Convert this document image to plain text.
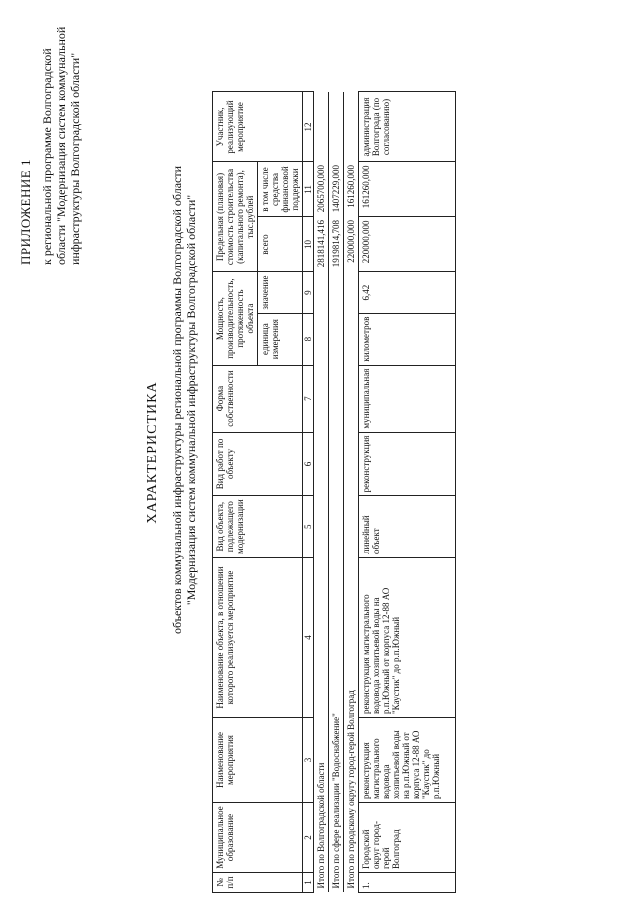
ПРИЛОЖЕНИЕ 1 к региональной программе Волгоградской области "Модернизация систем коммунальной инфраструктуры Волгоградской области"
ХАРАКТЕРИСТИКА объектов коммунальной инфраструктуры региональной программы Волгоградской области "Модернизация систем коммунальной инфраструктуры Волгоградской области"
№ п/п	Муниципальное образование	Наименование мероприятия	Наименование объекта, в отношении которого реализуется мероприятие	Вид объекта, подлежащего модернизации	Вид работ по объекту	Форма собственности	Мощность, производительность, протяженность объекта		Предельная (плановая) стоимость строительства (капитального ремонта), тыс.рублей		Участник, реализующий мероприятие
							единица измерения	значение	всего	в том числе средства финансовой поддержки	
1	2	3	4	5	6	7	8	9	10	11	12
Итого по Волгоградской области									2818141,416	2065700,000	
Итого по сфере реализации "Водоснабжение"									1919814,708	1407229,000	
Итого по городскому округу город-герой Волгоград									220000,000	161260,000	
1.	Городской округ город-герой Волгоград	реконструкция магистрального водовода хозпитьевой воды на р.п.Южный от корпуса 12-88 АО "Каустик" до р.п.Южный	реконструкция магистрального водовода хозпитьевой воды на р.п.Южный от корпуса 12-88 АО "Каустик" до р.п.Южный	линейный объект	реконструкция	муниципальная	километров	6,42	220000,000	161260,000	администрация Волгограда (по согласованию)
